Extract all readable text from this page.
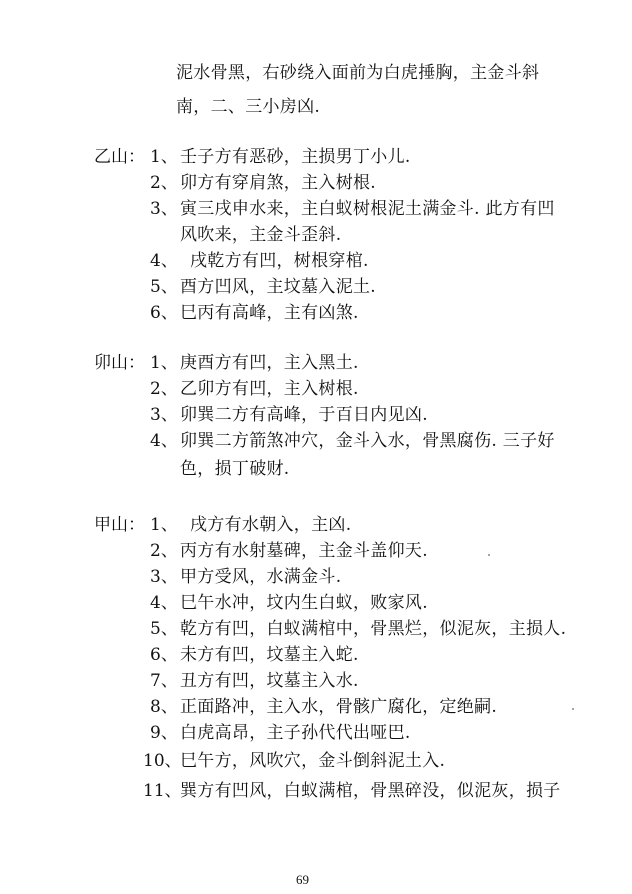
泥水骨黑，右砂绕入面前为白虎捶胸，主金斗斜
南，二、三小房凶.
乙山： 1、 壬子方有恶砂，主损男丁小儿.
2、 卯方有穿肩煞，主入树根.
3、 寅三戌申水来，主白蚁树根泥土满金斗. 此方有凹
风吹来，主金斗歪斜.
4、 戌乾方有凹，树根穿棺.
5、 酉方凹风，主坟墓入泥土.
6、 巳丙有高峰，主有凶煞.
卯山： 1、 庚酉方有凹，主入黑土.
2、 乙卯方有凹，主入树根.
3、 卯巽二方有高峰，于百日内见凶.
4、 卯巽二方箭煞冲穴，金斗入水，骨黑腐伤. 三子好
色，损丁破财.
甲山： 1、 戌方有水朝入，主凶.
2、 丙方有水射墓碑，主金斗盖仰天.
3、 甲方受风，水满金斗.
4、 巳午水冲，坟内生白蚁，败家风.
5、 乾方有凹，白蚁满棺中，骨黑烂，似泥灰，主损人.
6、 未方有凹，坟墓主入蛇.
7、 丑方有凹，坟墓主入水.
8、 正面路冲，主入水，骨骸广腐化，定绝嗣.
9、 白虎高昂，主子孙代代出哑巴.
10、
巳午方，风吹穴，金斗倒斜泥土入.
11、
巽方有凹风，白蚁满棺，骨黑碎没，似泥灰，损子
69
